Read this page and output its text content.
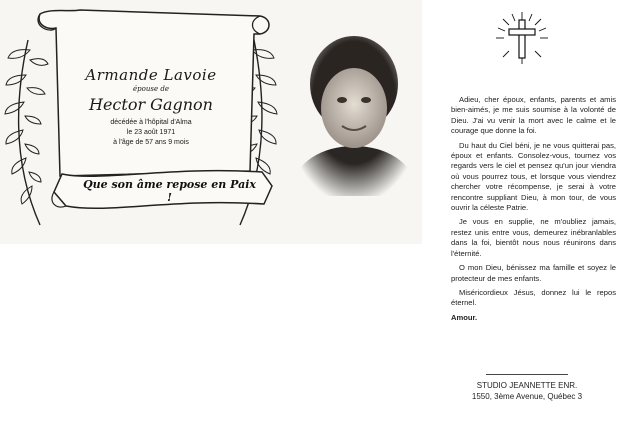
Armande Lavoie

épouse de

Hector Gagnon

décédée à l'hôpital d'Alma

le 23 août 1971

à l'âge de 57 ans 9 mois

Que son âme repose en Paix !

Adieu, cher époux, enfants, parents et amis bien-aimés, je me suis soumise à la volonté de Dieu. J'ai vu venir la mort avec le calme et le courage que donne la foi.

Du haut du Ciel béni, je ne vous quitterai pas, époux et enfants. Consolez-vous, tournez vos regards vers le ciel et pensez qu'un jour viendra où vous pourrez tous, et lorsque vous viendrez chercher votre récompense, je serai à votre rencontre suppliant Dieu, à mon tour, de vous ouvrir la céleste Patrie.

Je vous en supplie, ne m'oubliez jamais, restez unis entre vous, demeurez inébranlables dans la foi, bientôt nous nous réunirons dans l'éternité.

O mon Dieu, bénissez ma famille et soyez le protecteur de mes enfants.

Miséricordieux Jésus, donnez lui le repos éternel.

Amour.

STUDIO JEANNETTE ENR.
1550, 3ème Avenue, Québec 3
